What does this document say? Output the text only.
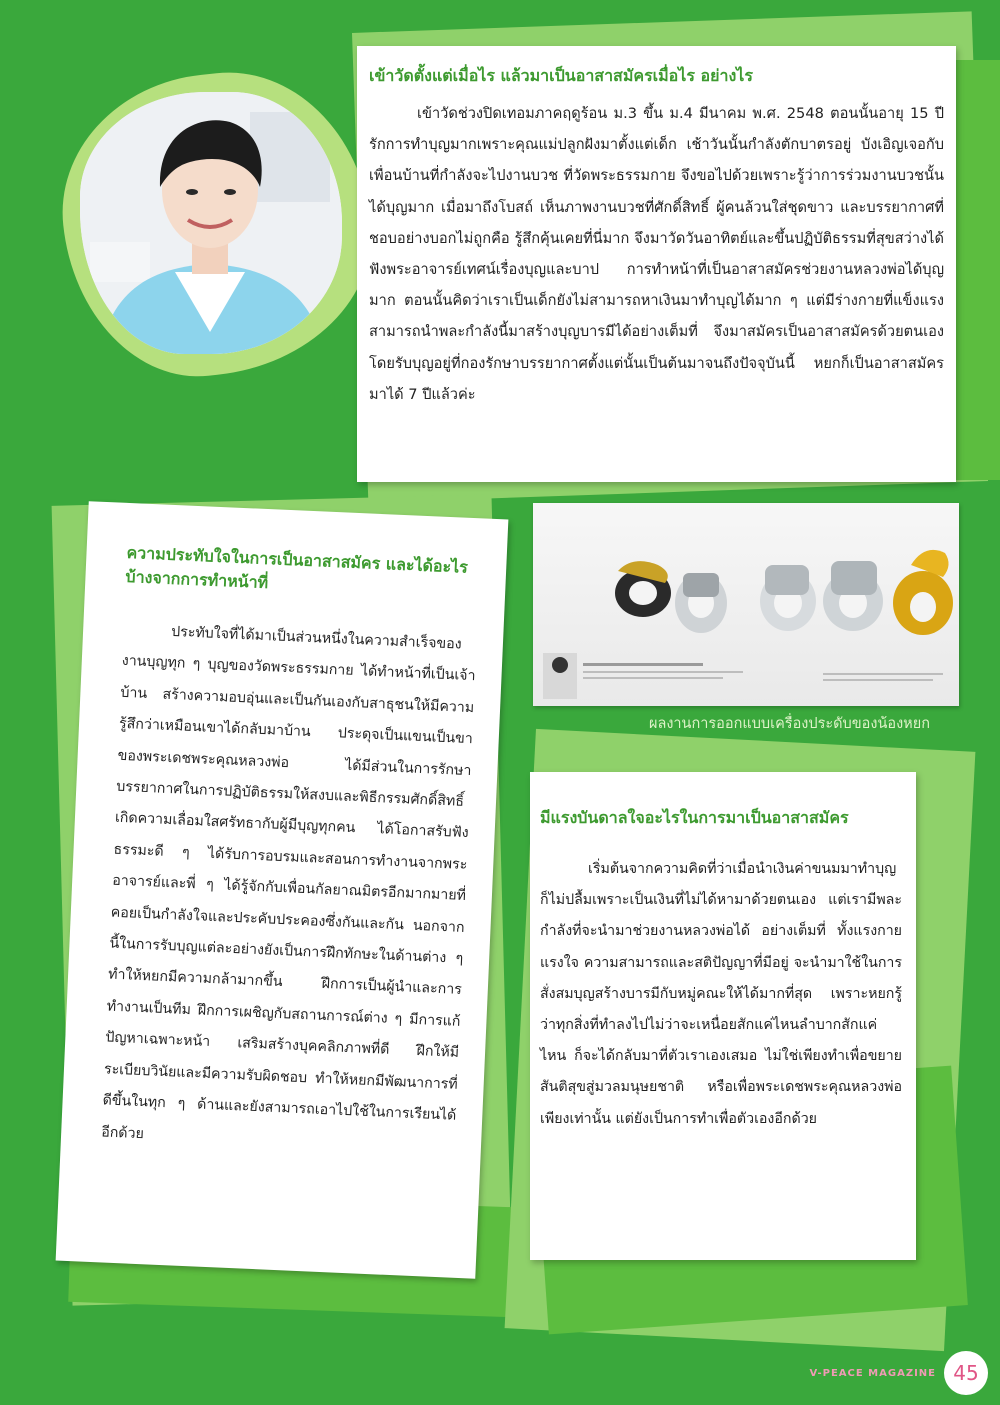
เข้าวัดตั้งแต่เมื่อไร แล้วมาเป็นอาสาสมัครเมื่อไร อย่างไร

เข้าวัดช่วงปิดเทอมภาคฤดูร้อน ม.3 ขึ้น ม.4 มีนาคม พ.ศ. 2548 ตอนนั้นอายุ 15 ปี รักการทำบุญมากเพราะคุณแม่ปลูกฝังมาตั้งแต่เด็ก เช้าวันนั้นกำลังตักบาตรอยู่ บังเอิญเจอกับเพื่อนบ้านที่กำลังจะไปงานบวช ที่วัดพระธรรมกาย จึงขอไปด้วยเพราะรู้ว่าการร่วมงานบวชนั้นได้บุญมาก เมื่อมาถึงโบสถ์ เห็นภาพงานบวชที่ศักดิ์สิทธิ์ ผู้คนล้วนใส่ชุดขาว และบรรยากาศที่ชอบอย่างบอกไม่ถูกคือ รู้สึกคุ้นเคยที่นี่มาก จึงมาวัดวันอาทิตย์และขึ้นปฏิบัติธรรมที่สุขสว่างได้ฟังพระอาจารย์เทศน์เรื่องบุญและบาป การทำหน้าที่เป็นอาสาสมัครช่วยงานหลวงพ่อได้บุญมาก ตอนนั้นคิดว่าเราเป็นเด็กยังไม่สามารถหาเงินมาทำบุญได้มาก ๆ แต่มีร่างกายที่แข็งแรงสามารถนำพละกำลังนี้มาสร้างบุญบารมีได้อย่างเต็มที่ จึงมาสมัครเป็นอาสาสมัครด้วยตนเอง โดยรับบุญอยู่ที่กองรักษาบรรยากาศตั้งแต่นั้นเป็นต้นมาจนถึงปัจจุบันนี้ หยกก็เป็นอาสาสมัครมาได้ 7 ปีแล้วค่ะ

ความประทับใจในการเป็นอาสาสมัคร และได้อะไรบ้างจากการทำหน้าที่

ประทับใจที่ได้มาเป็นส่วนหนึ่งในความสำเร็จของงานบุญทุก ๆ บุญของวัดพระธรรมกาย ได้ทำหน้าที่เป็นเจ้าบ้าน สร้างความอบอุ่นและเป็นกันเองกับสาธุชนให้มีความรู้สึกว่าเหมือนเขาได้กลับมาบ้าน ประดุจเป็นแขนเป็นขาของพระเดชพระคุณหลวงพ่อ ได้มีส่วนในการรักษาบรรยากาศในการปฏิบัติธรรมให้สงบและพิธีกรรมศักดิ์สิทธิ์ เกิดความเลื่อมใสศรัทธากับผู้มีบุญทุกคน ได้โอกาสรับฟังธรรมะดี ๆ ได้รับการอบรมและสอนการทำงานจากพระอาจารย์และพี่ ๆ ได้รู้จักกับเพื่อนกัลยาณมิตรอีกมากมายที่คอยเป็นกำลังใจและประคับประคองซึ่งกันและกัน นอกจากนี้ในการรับบุญแต่ละอย่างยังเป็นการฝึกทักษะในด้านต่าง ๆ ทำให้หยกมีความกล้ามากขึ้น ฝึกการเป็นผู้นำและการทำงานเป็นทีม ฝึกการเผชิญกับสถานการณ์ต่าง ๆ มีการแก้ปัญหาเฉพาะหน้า เสริมสร้างบุคคลิกภาพที่ดี ฝึกให้มีระเบียบวินัยและมีความรับผิดชอบ ทำให้หยกมีพัฒนาการที่ดีขึ้นในทุก ๆ ด้านและยังสามารถเอาไปใช้ในการเรียนได้อีกด้วย

ผลงานการออกแบบเครื่องประดับของน้องหยก
มีแรงบันดาลใจอะไรในการมาเป็นอาสาสมัคร

เริ่มต้นจากความคิดที่ว่าเมื่อนำเงินค่าขนมมาทำบุญก็ไม่ปลื้มเพราะเป็นเงินที่ไม่ได้หามาด้วยตนเอง แต่เรามีพละกำลังที่จะนำมาช่วยงานหลวงพ่อได้ อย่างเต็มที่ ทั้งแรงกายแรงใจ ความสามารถและสติปัญญาที่มีอยู่ จะนำมาใช้ในการสั่งสมบุญสร้างบารมีกับหมู่คณะให้ได้มากที่สุด เพราะหยกรู้ว่าทุกสิ่งที่ทำลงไปไม่ว่าจะเหนื่อยสักแค่ไหนลำบากสักแค่ไหน ก็จะได้กลับมาที่ตัวเราเองเสมอ ไม่ใช่เพียงทำเพื่อขยายสันติสุขสู่มวลมนุษยชาติ หรือเพื่อพระเดชพระคุณหลวงพ่อเพียงเท่านั้น แต่ยังเป็นการทำเพื่อตัวเองอีกด้วย

V-PEACE MAGAZINE 45
